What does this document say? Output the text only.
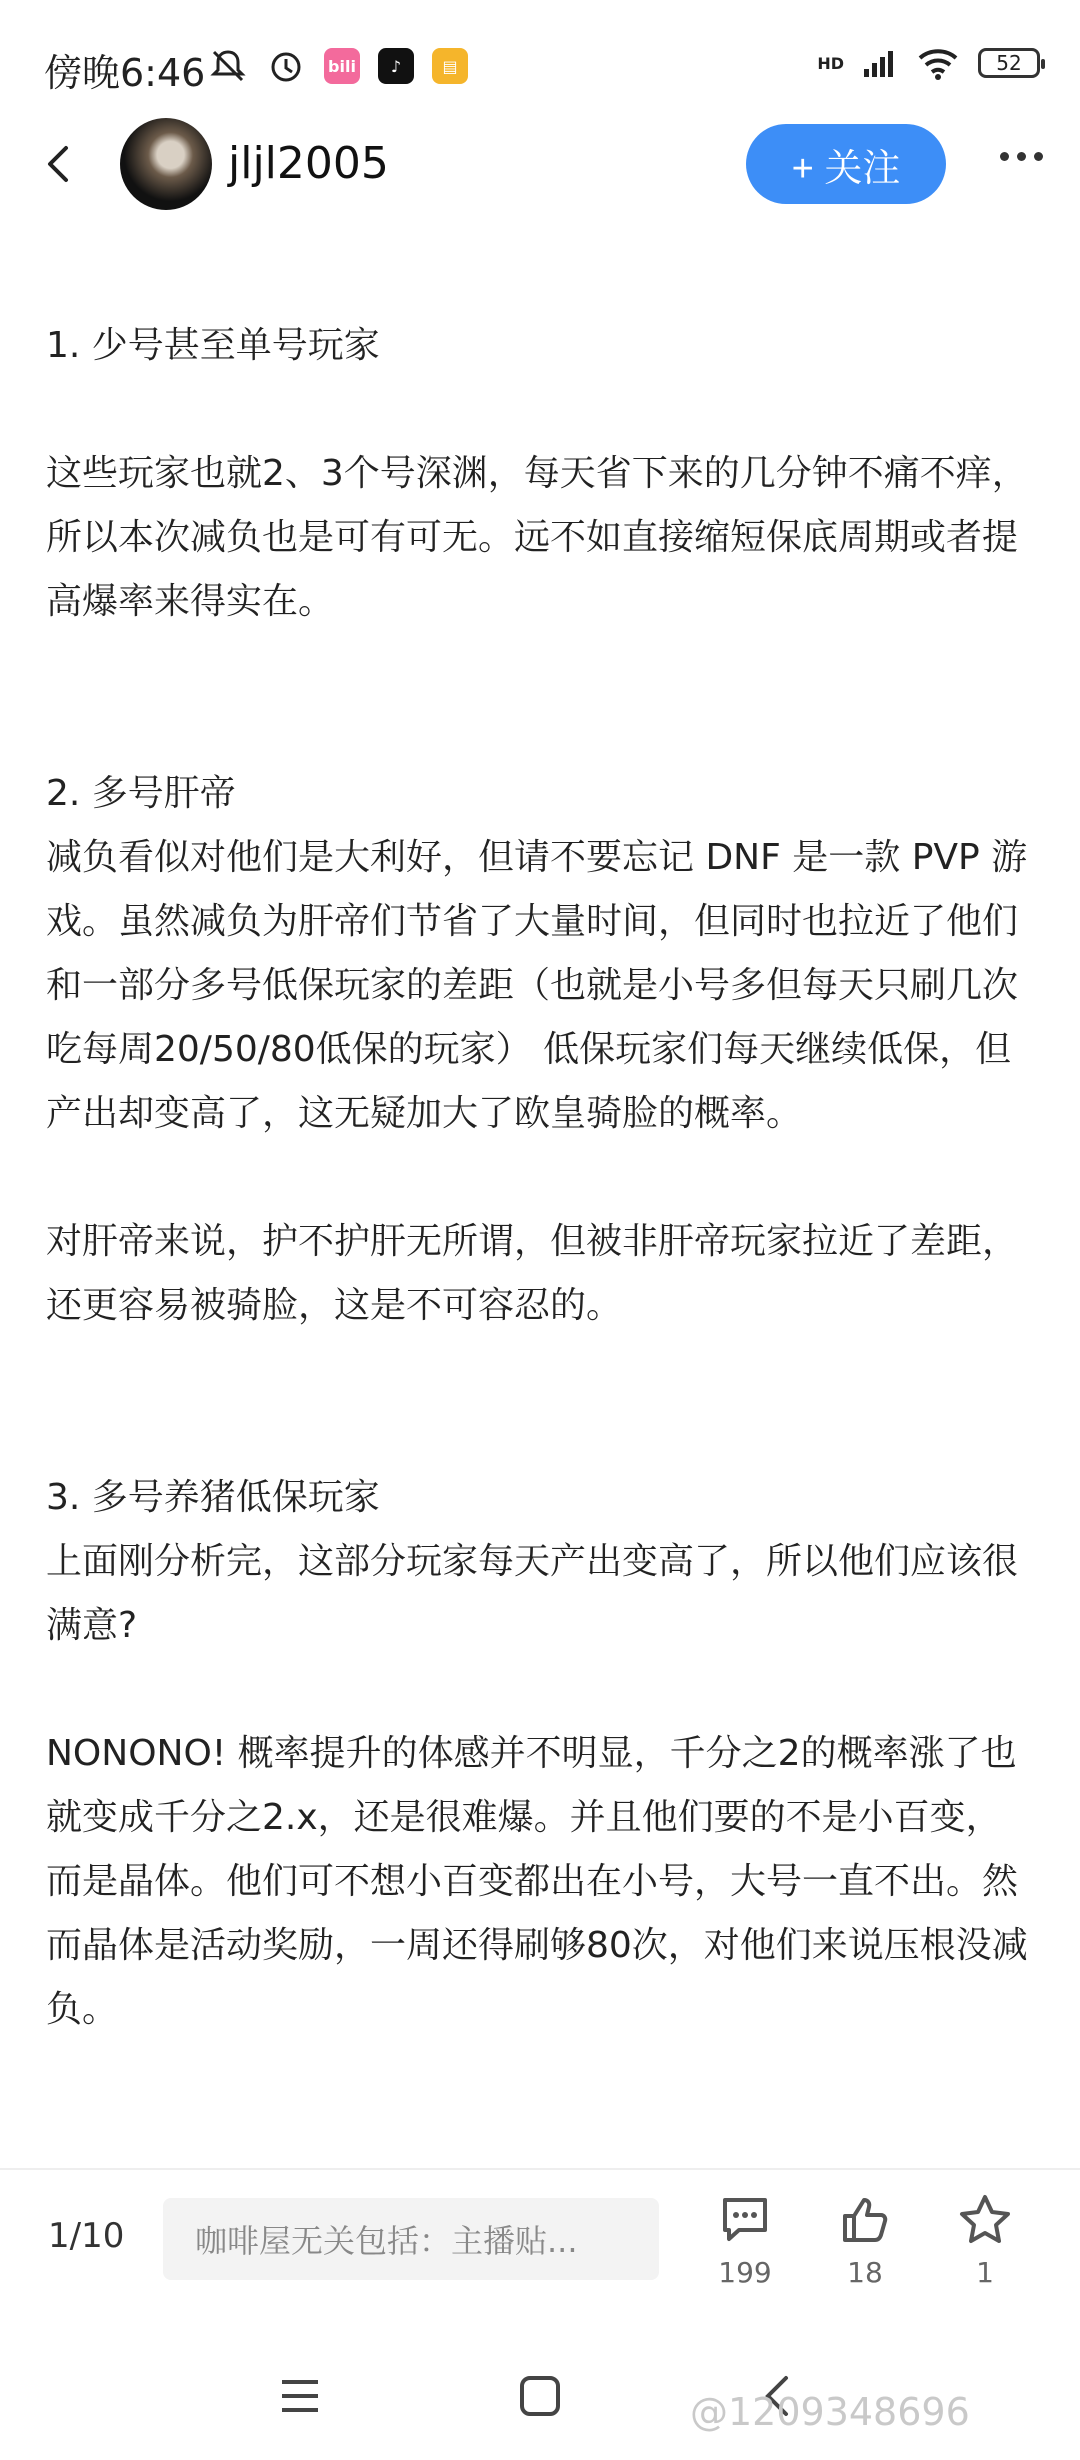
傍晚6:46	bili	♪	▤	HD	52
jljl2005	+ 关注

1. 少号甚至单号玩家

这些玩家也就2、3个号深渊，每天省下来的几分钟不痛不痒，所以本次减负也是可有可无。远不如直接缩短保底周期或者提高爆率来得实在。

2. 多号肝帝

减负看似对他们是大利好，但请不要忘记 DNF 是一款 PVP 游戏。虽然减负为肝帝们节省了大量时间，但同时也拉近了他们和一部分多号低保玩家的差距（也就是小号多但每天只刷几次吃每周20/50/80低保的玩家） 低保玩家们每天继续低保，但产出却变高了，这无疑加大了欧皇骑脸的概率。

对肝帝来说，护不护肝无所谓，但被非肝帝玩家拉近了差距，还更容易被骑脸，这是不可容忍的。

3. 多号养猪低保玩家

上面刚分析完，这部分玩家每天产出变高了，所以他们应该很满意?

NONONO! 概率提升的体感并不明显，千分之2的概率涨了也就变成千分之2.x，还是很难爆。并且他们要的不是小百变，而是晶体。他们可不想小百变都出在小号，大号一直不出。然而晶体是活动奖励，一周还得刷够80次，对他们来说压根没减负。

1/10	咖啡屋无关包括：主播贴...
199	18	1
@1209348696
